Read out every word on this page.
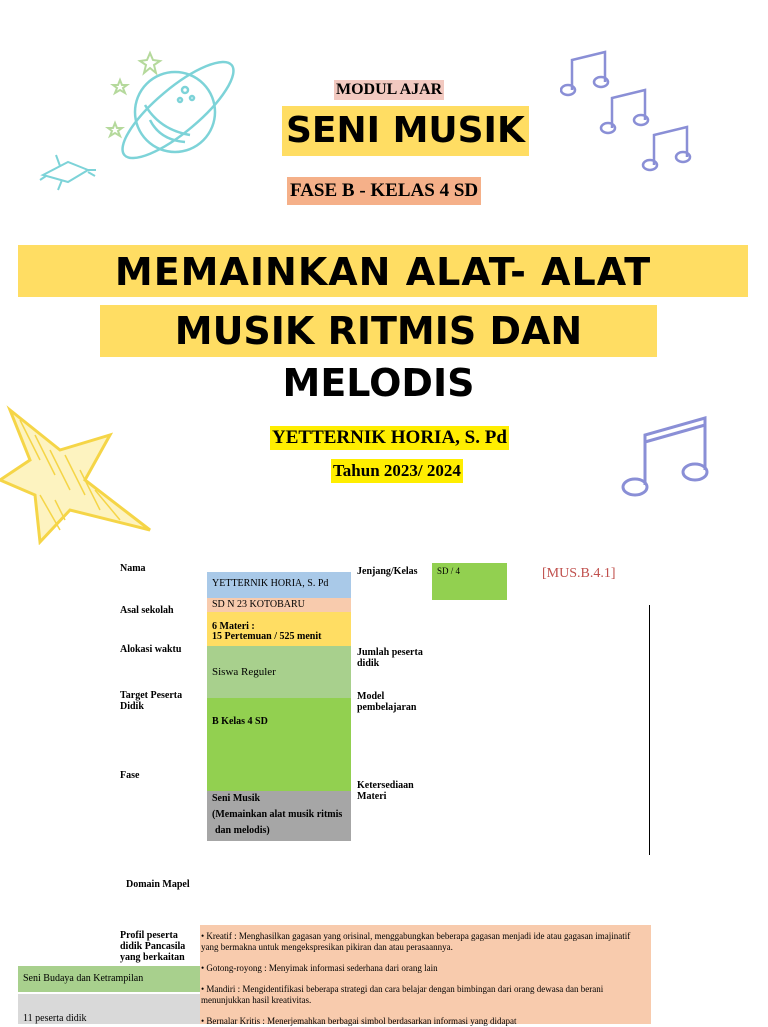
MODUL AJAR
SENI MUSIK
FASE B - KELAS 4 SD
MEMAINKAN ALAT- ALAT
MUSIK RITMIS DAN MELODIS
YETTERNIK HORIA, S. Pd
Tahun 2023/ 2024
Nama
Asal sekolah
Alokasi waktu
Target Peserta Didik
Fase
Domain Mapel
Profil peserta didik Pancasila yang berkaitan
YETTERNIK HORIA, S. Pd
SD N 23 KOTOBARU
6 Materi :
15 Pertemuan / 525 menit
Siswa Reguler
B Kelas 4 SD
Seni Musik
(Memainkan alat musik ritmis
dan melodis)
Jenjang/Kelas
Jumlah peserta didik
Model pembelajaran
Ketersediaan Materi
SD / 4	[MUS.B.4.1]
• Kreatif : Menghasilkan gagasan yang orisinal, menggabungkan beberapa gagasan menjadi ide atau gagasan imajinatif yang bermakna untuk mengekspresikan pikiran dan atau perasaannya.
• Gotong-royong : Menyimak informasi sederhana dari orang lain
• Mandiri : Mengidentifikasi beberapa strategi dan cara belajar dengan bimbingan dari orang dewasa dan berani menunjukkan hasil kreativitas.
• Bernalar Kritis : Menerjemahkan berbagai simbol berdasarkan informasi yang didapat
Seni Budaya dan Ketrampilan
11 peserta didik
